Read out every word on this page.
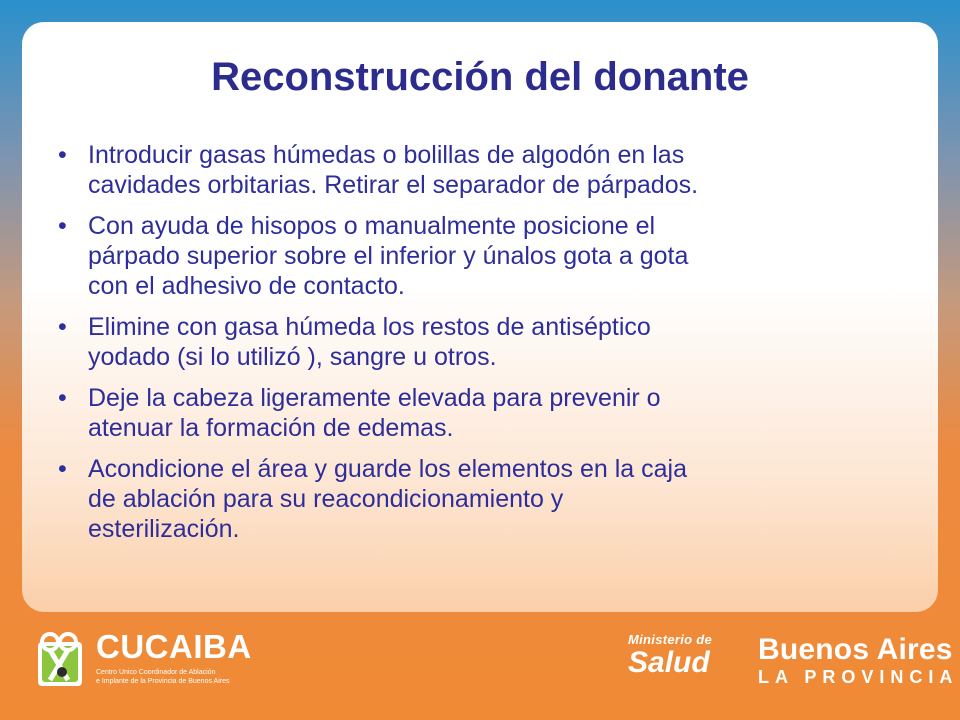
Reconstrucción del donante
• Introducir gasas húmedas o bolillas de algodón en las
cavidades orbitarias. Retirar el separador de párpados.
• Con ayuda de hisopos o manualmente posicione el
párpado superior sobre el inferior y únalos gota a gota
con el adhesivo de contacto.
• Elimine con gasa húmeda los restos de antiséptico
yodado (si lo utilizó ), sangre u otros.
• Deje la cabeza ligeramente elevada para prevenir o
atenuar la formación de edemas.
• Acondicione el área y guarde los elementos en la caja
de ablación para su reacondicionamiento y
esterilización.
CUCAIBA
Centro Unico Coordinador de Ablación
e Implante de la Provincia de Buenos Aires
Ministerio de
Salud Buenos Aires
LA PROVINCIA
